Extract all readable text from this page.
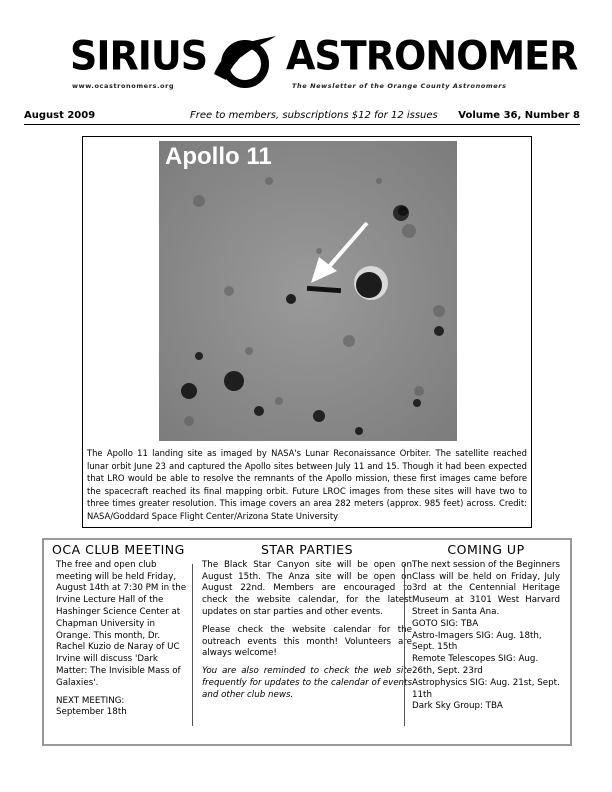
SIRIUS ASTRONOMER
www.ocastronomers.org	The Newsletter of the Orange County Astronomers
August 2009	Free to members, subscriptions $12 for 12 issues Volume 36, Number 8
Apollo 11
The Apollo 11 landing site as imaged by NASA's Lunar Reconaissance Orbiter. The satellite reached lunar orbit June 23 and captured the Apollo sites between July 11 and 15. Though it had been expected that LRO would be able to resolve the remnants of the Apollo mission, these first images came before the spacecraft reached its final mapping orbit. Future LROC images from these sites will have two to three times greater resolution. This image covers an area 282 meters (approx. 985 feet) across. Credit: NASA/Goddard Space Flight Center/Arizona State University
OCA CLUB MEETING

The free and open club meeting will be held Friday, August 14th at 7:30 PM in the Irvine Lecture Hall of the Hashinger Science Center at Chapman University in Orange. This month, Dr. Rachel Kuzio de Naray of UC Irvine will discuss 'Dark Matter: The Invisible Mass of Galaxies'.

NEXT MEETING:
September 18th
STAR PARTIES

The Black Star Canyon site will be open on August 15th. The Anza site will be open on August 22nd. Members are encouraged to check the website calendar, for the latest updates on star parties and other events.

Please check the website calendar for the outreach events this month! Volunteers are always welcome!

You are also reminded to check the web site frequently for updates to the calendar of events and other club news.

COMING UP
The next session of the Beginners Class will be held on Friday, July 3rd at the Centennial Heritage Museum at 3101 West Harvard Street in Santa Ana.
GOTO SIG: TBA
Astro-Imagers SIG: Aug. 18th, Sept. 15th
Remote Telescopes SIG: Aug. 26th, Sept. 23rd
Astrophysics SIG: Aug. 21st, Sept. 11th
Dark Sky Group: TBA
